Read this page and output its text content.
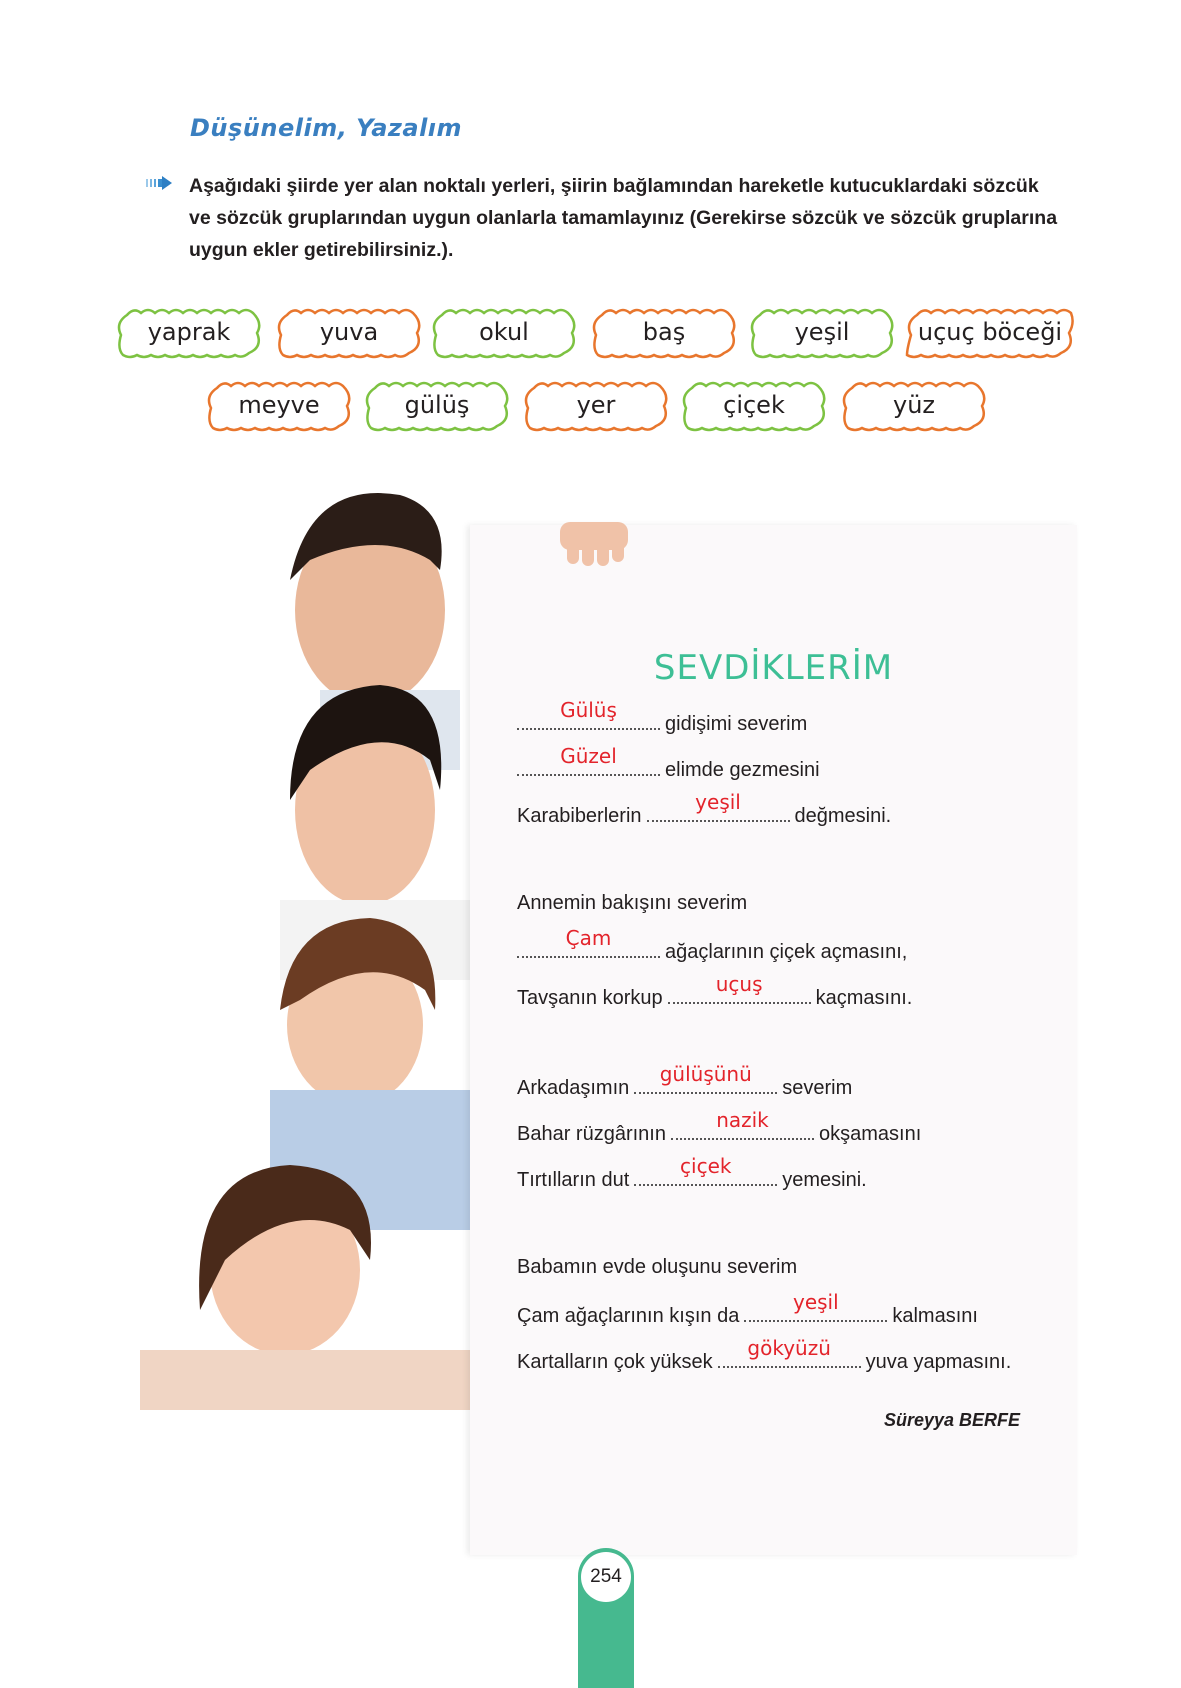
Düşünelim, Yazalım
Aşağıdaki şiirde yer alan noktalı yerleri, şiirin bağlamından hareketle kutucuklardaki sözcük ve sözcük gruplarından uygun olanlarla tamamlayınız (Gerekirse sözcük ve sözcük gruplarına uygun ekler getirebilirsiniz.).
yaprak	yuva	okul	baş	yeşil	uçuç böceği
meyve	gülüş	yer	çiçek	yüz
SEVDİKLERİM
Gülüş
gidişimi severim
Güzel
elimde gezmesini
Karabiberlerin
yeşil
değmesini.
Annemin bakışını severim
Çam
ağaçlarının çiçek açmasını,
Tavşanın korkup
uçuş
kaçmasını.
Arkadaşımın
gülüşünü
severim
Bahar rüzgârının
nazik
okşamasını
Tırtılların dut
çiçek
yemesini.
Babamın evde oluşunu severim
Çam ağaçlarının kışın da
yeşil
kalmasını
Kartalların çok yüksek
gökyüzü
yuva yapmasını.
Süreyya BERFE
254
